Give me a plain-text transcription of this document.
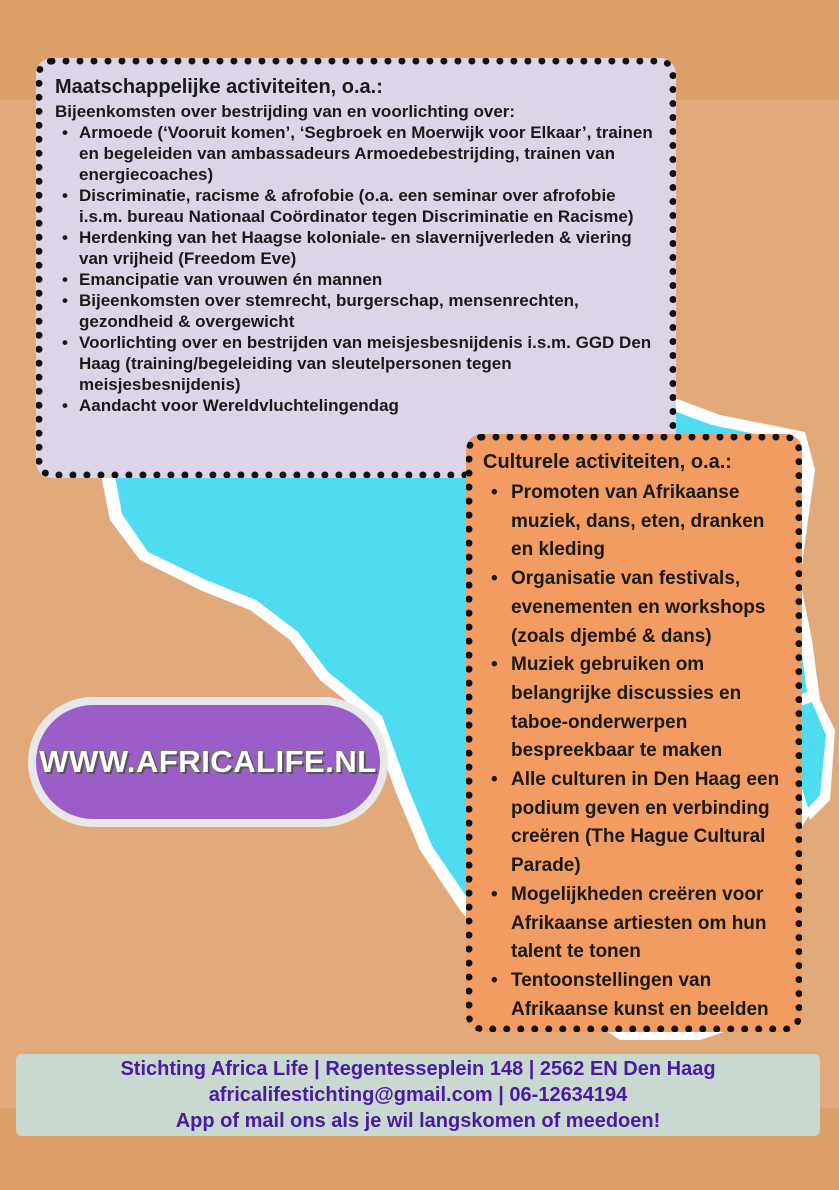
Maatschappelijke activiteiten, o.a.:

Bijeenkomsten over bestrijding van en voorlichting over:

• Armoede (‘Vooruit komen’, ‘Segbroek en Moerwijk voor Elkaar’, trainen en begeleiden van ambassadeurs Armoedebestrijding, trainen van energiecoaches)
• Discriminatie, racisme & afrofobie (o.a. een seminar over afrofobie i.s.m. bureau Nationaal Coördinator tegen Discriminatie en Racisme)
• Herdenking van het Haagse koloniale- en slavernijverleden & viering van vrijheid (Freedom Eve)
• Emancipatie van vrouwen én mannen
• Bijeenkomsten over stemrecht, burgerschap, mensenrechten, gezondheid & overgewicht
• Voorlichting over en bestrijden van meisjesbesnijdenis i.s.m. GGD Den Haag (training/begeleiding van sleutelpersonen tegen meisjesbesnijdenis)
• Aandacht voor Wereldvluchtelingendag
WWW.AFRICALIFE.NL
Culturele activiteiten, o.a.:
• Promoten van Afrikaanse muziek, dans, eten, dranken en kleding
• Organisatie van festivals, evenementen en workshops (zoals djembé & dans)
• Muziek gebruiken om belangrijke discussies en taboe-onderwerpen bespreekbaar te maken
• Alle culturen in Den Haag een podium geven en verbinding creëren (The Hague Cultural Parade)
• Mogelijkheden creëren voor Afrikaanse artiesten om hun talent te tonen
• Tentoonstellingen van Afrikaanse kunst en beelden
Stichting Africa Life | Regentesseplein 148 | 2562 EN Den Haag
africalifestichting@gmail.com | 06-12634194
App of mail ons als je wil langskomen of meedoen!
